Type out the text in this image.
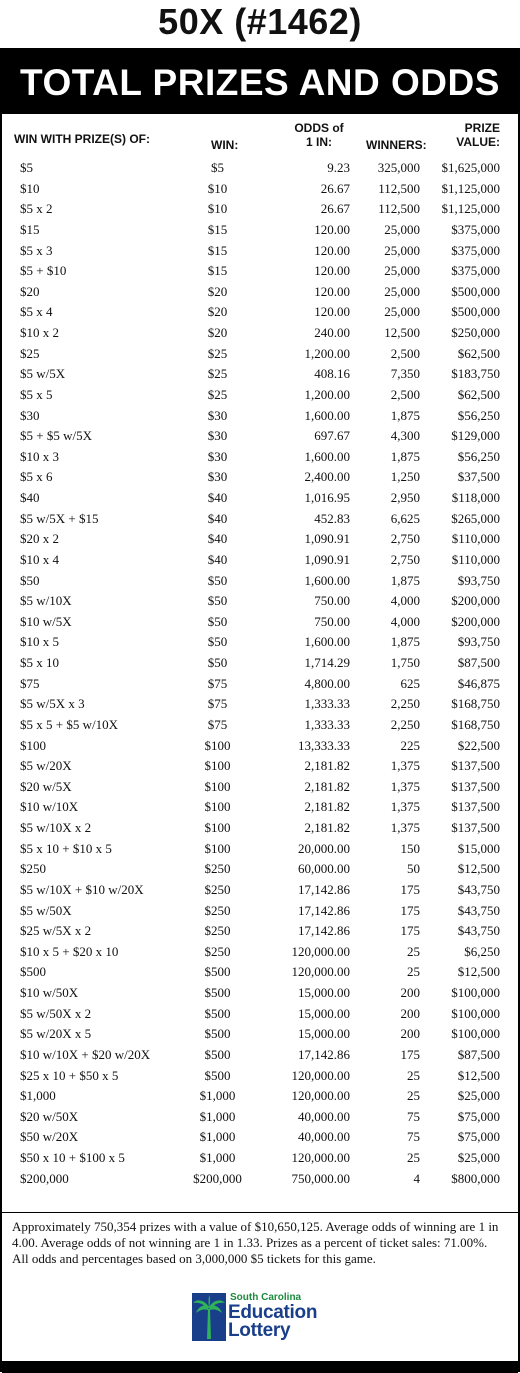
50X (#1462)
TOTAL PRIZES AND ODDS
WIN WITH PRIZE(S) OF:	WIN:
ODDS of
1 IN:	WINNERS:
PRIZE
VALUE:
$5	$5	9.23	325,000	$1,625,000
$10	$10	26.67	112,500	$1,125,000
$5 x 2	$10	26.67	112,500	$1,125,000
$15	$15	120.00	25,000	$375,000
$5 x 3	$15	120.00	25,000	$375,000
$5 + $10	$15	120.00	25,000	$375,000
$20	$20	120.00	25,000	$500,000
$5 x 4	$20	120.00	25,000	$500,000
$10 x 2	$20	240.00	12,500	$250,000
$25	$25	1,200.00	2,500	$62,500
$5 w/5X	$25	408.16	7,350	$183,750
$5 x 5	$25	1,200.00	2,500	$62,500
$30	$30	1,600.00	1,875	$56,250
$5 + $5 w/5X	$30	697.67	4,300	$129,000
$10 x 3	$30	1,600.00	1,875	$56,250
$5 x 6	$30	2,400.00	1,250	$37,500
$40	$40	1,016.95	2,950	$118,000
$5 w/5X + $15	$40	452.83	6,625	$265,000
$20 x 2	$40	1,090.91	2,750	$110,000
$10 x 4	$40	1,090.91	2,750	$110,000
$50	$50	1,600.00	1,875	$93,750
$5 w/10X	$50	750.00	4,000	$200,000
$10 w/5X	$50	750.00	4,000	$200,000
$10 x 5	$50	1,600.00	1,875	$93,750
$5 x 10	$50	1,714.29	1,750	$87,500
$75	$75	4,800.00	625	$46,875
$5 w/5X x 3	$75	1,333.33	2,250	$168,750
$5 x 5 + $5 w/10X	$75	1,333.33	2,250	$168,750
$100	$100	13,333.33	225	$22,500
$5 w/20X	$100	2,181.82	1,375	$137,500
$20 w/5X	$100	2,181.82	1,375	$137,500
$10 w/10X	$100	2,181.82	1,375	$137,500
$5 w/10X x 2	$100	2,181.82	1,375	$137,500
$5 x 10 + $10 x 5	$100	20,000.00	150	$15,000
$250	$250	60,000.00	50	$12,500
$5 w/10X + $10 w/20X	$250	17,142.86	175	$43,750
$5 w/50X	$250	17,142.86	175	$43,750
$25 w/5X x 2	$250	17,142.86	175	$43,750
$10 x 5 + $20 x 10	$250	120,000.00	25	$6,250
$500	$500	120,000.00	25	$12,500
$10 w/50X	$500	15,000.00	200	$100,000
$5 w/50X x 2	$500	15,000.00	200	$100,000
$5 w/20X x 5	$500	15,000.00	200	$100,000
$10 w/10X + $20 w/20X	$500	17,142.86	175	$87,500
$25 x 10 + $50 x 5	$500	120,000.00	25	$12,500
$1,000	$1,000	120,000.00	25	$25,000
$20 w/50X	$1,000	40,000.00	75	$75,000
$50 w/20X	$1,000	40,000.00	75	$75,000
$50 x 10 + $100 x 5	$1,000	120,000.00	25	$25,000
$200,000	$200,000	750,000.00	4	$800,000

Approximately 750,354 prizes with a value of $10,650,125. Average odds of winning are 1 in 4.00. Average odds of not winning are 1 in 1.33. Prizes as a percent of ticket sales: 71.00%. All odds and percentages based on 3,000,000 $5 tickets for this game.

South Carolina
Education
Lottery
